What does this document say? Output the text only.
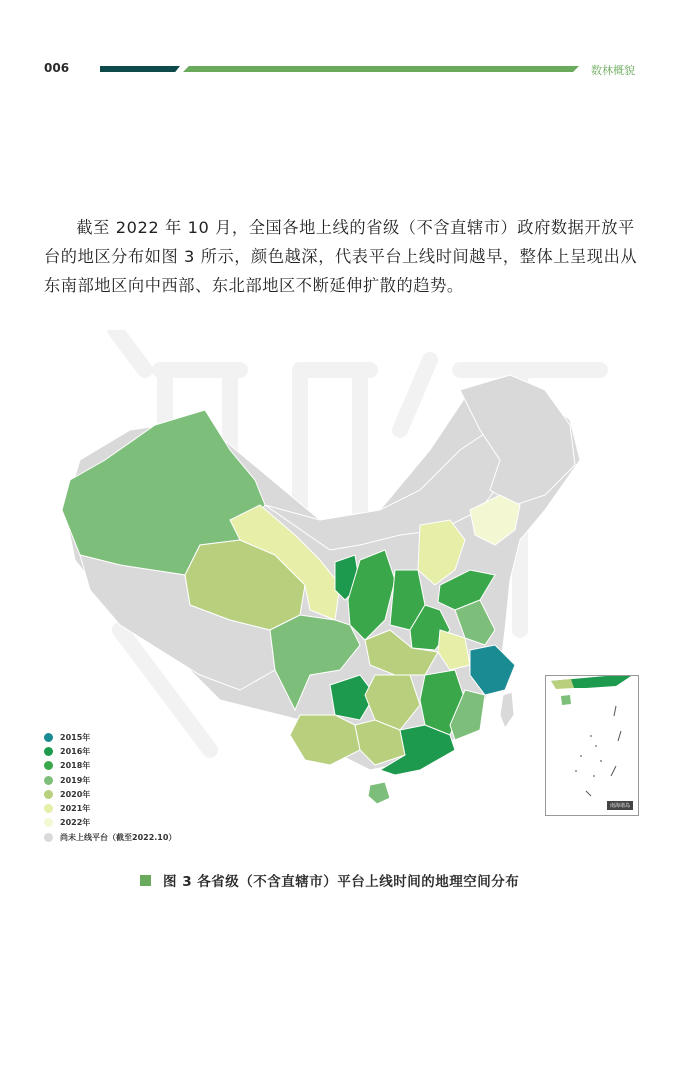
006	数林概貌

截至 2022 年 10 月，全国各地上线的省级（不含直辖市）政府数据开放平台的地区分布如图 3 所示，颜色越深，代表平台上线时间越早，整体上呈现出从东南部地区向中西部、东北部地区不断延伸扩散的趋势。

南海诸岛
2015年
2016年
2018年
2019年
2020年
2021年
2022年
尚未上线平台（截至2022.10）
图 3 各省级（不含直辖市）平台上线时间的地理空间分布
